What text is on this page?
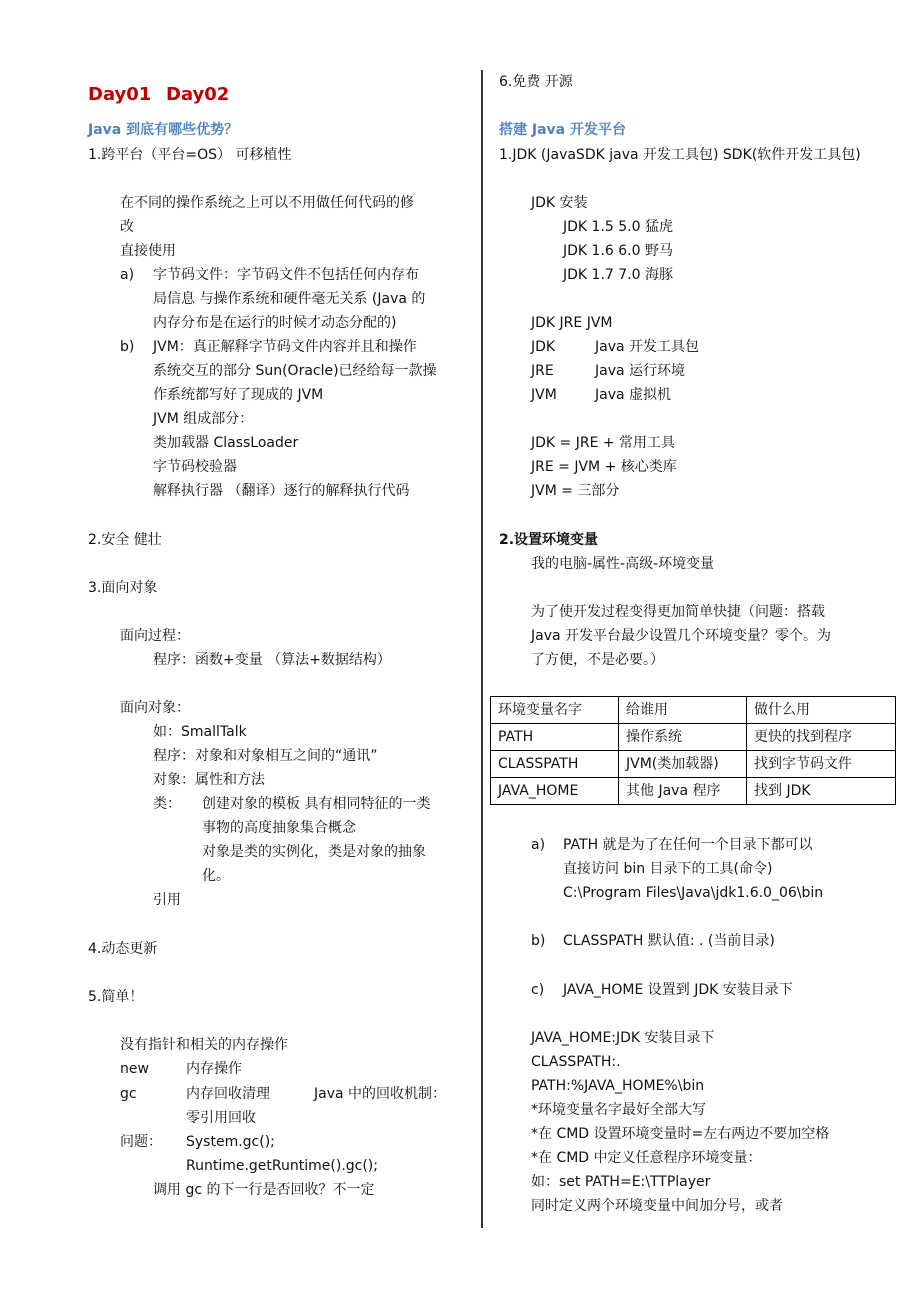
Day01 Day02
Java 到底有哪些优势？
1.跨平台（平台=OS） 可移植性
在不同的操作系统之上可以不用做任何代码的修
改
直接使用
a) 字节码文件：字节码文件不包括任何内存布
局信息 与操作系统和硬件毫无关系 (Java 的
内存分布是在运行的时候才动态分配的)
b) JVM：真正解释字节码文件内容并且和操作
系统交互的部分 Sun(Oracle)已经给每一款操
作系统都写好了现成的 JVM
JVM 组成部分：
类加载器 ClassLoader
字节码校验器
解释执行器 （翻译）逐行的解释执行代码
2.安全 健壮
3.面向对象
面向过程：
程序：函数+变量 （算法+数据结构）
面向对象：
如：SmallTalk
程序：对象和对象相互之间的“通讯”
对象：属性和方法
类： 创建对象的模板 具有相同特征的一类
事物的高度抽象集合概念
对象是类的实例化，类是对象的抽象
化。
引用
4.动态更新
5.简单！
没有指针和相关的内存操作
new	内存操作
gc	内存回收清理	Java 中的回收机制：
零引用回收
问题： System.gc();
Runtime.getRuntime().gc();
调用 gc 的下一行是否回收？不一定
6.免费 开源
搭建 Java 开发平台
1.JDK (JavaSDK java 开发工具包) SDK(软件开发工具包)
JDK 安装
JDK 1.5 5.0 猛虎
JDK 1.6 6.0 野马
JDK 1.7 7.0 海豚
JDK JRE JVM
JDK	Java 开发工具包
JRE	Java 运行环境
JVM	Java 虚拟机
JDK = JRE + 常用工具
JRE = JVM + 核心类库
JVM = 三部分
2.设置环境变量
我的电脑-属性-高级-环境变量
为了使开发过程变得更加简单快捷（问题：搭载
Java 开发平台最少设置几个环境变量？零个。为
了方便，不是必要。）
环境变量名字	给谁用	做什么用
PATH	操作系统	更快的找到程序
CLASSPATH	JVM(类加载器)	找到字节码文件
JAVA_HOME	其他 Java 程序	找到 JDK
a) PATH 就是为了在任何一个目录下都可以
直接访问 bin 目录下的工具(命令)
C:\Program Files\Java\jdk1.6.0_06\bin
b) CLASSPATH 默认值: . (当前目录)
c) JAVA_HOME 设置到 JDK 安装目录下
JAVA_HOME:JDK 安装目录下
CLASSPATH:.
PATH:%JAVA_HOME%\bin
*环境变量名字最好全部大写
*在 CMD 设置环境变量时=左右两边不要加空格
*在 CMD 中定义任意程序环境变量：
如：set PATH=E:\TTPlayer
同时定义两个环境变量中间加分号，或者
